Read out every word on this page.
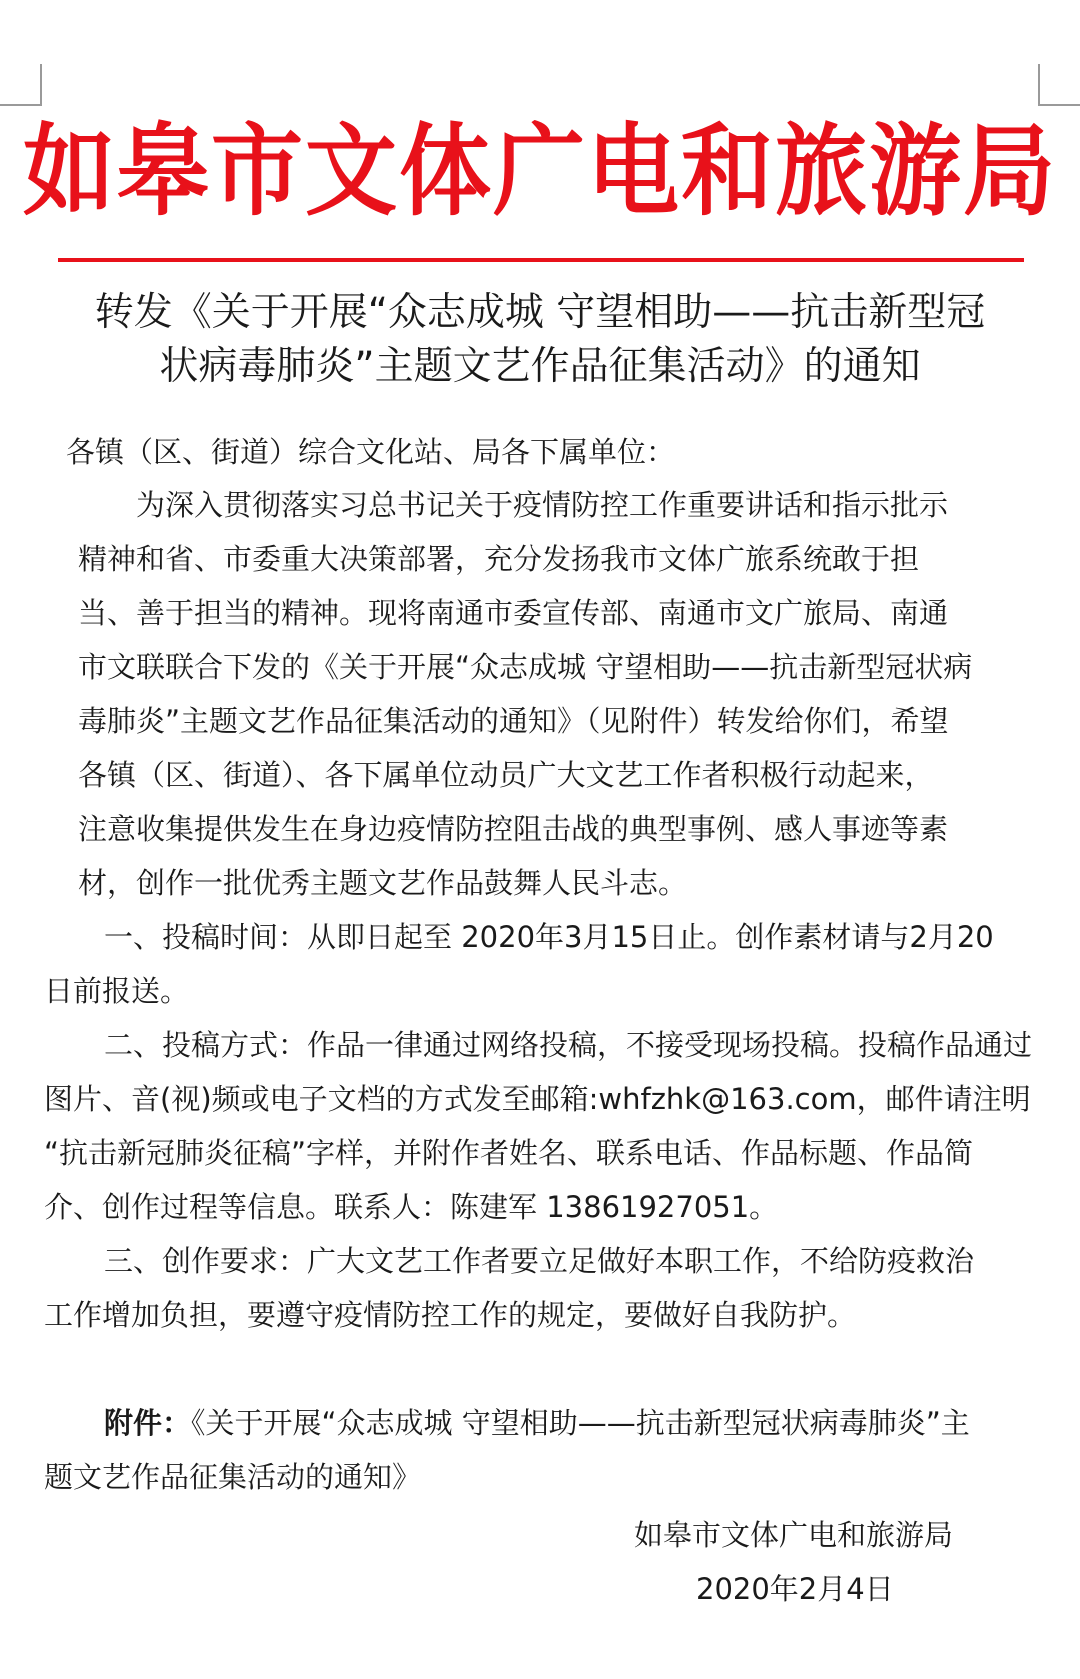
如皋市文体广电和旅游局
转发《关于开展“众志成城 守望相助——抗击新型冠
状病毒肺炎”主题文艺作品征集活动》的通知
各镇（区、街道）综合文化站、局各下属单位：
为深入贯彻落实习总书记关于疫情防控工作重要讲话和指示批示
精神和省、市委重大决策部署，充分发扬我市文体广旅系统敢于担
当、善于担当的精神。现将南通市委宣传部、南通市文广旅局、南通
市文联联合下发的《关于开展“众志成城 守望相助——抗击新型冠状病
毒肺炎”主题文艺作品征集活动的通知》（见附件）转发给你们，希望
各镇（区、街道）、各下属单位动员广大文艺工作者积极行动起来，
注意收集提供发生在身边疫情防控阻击战的典型事例、感人事迹等素
材，创作一批优秀主题文艺作品鼓舞人民斗志。
一、投稿时间：从即日起至 2020年3月15日止。创作素材请与2月20
日前报送。
二、投稿方式：作品一律通过网络投稿，不接受现场投稿。投稿作品通过
图片、音(视)频或电子文档的方式发至邮箱:whfzhk@163.com，邮件请注明
“抗击新冠肺炎征稿”字样，并附作者姓名、联系电话、作品标题、作品简
介、创作过程等信息。联系人：陈建军 13861927051。
三、创作要求：广大文艺工作者要立足做好本职工作，不给防疫救治
工作增加负担，要遵守疫情防控工作的规定，要做好自我防护。
附件：《关于开展“众志成城 守望相助——抗击新型冠状病毒肺炎”主
题文艺作品征集活动的通知》
如皋市文体广电和旅游局
2020年2月4日
